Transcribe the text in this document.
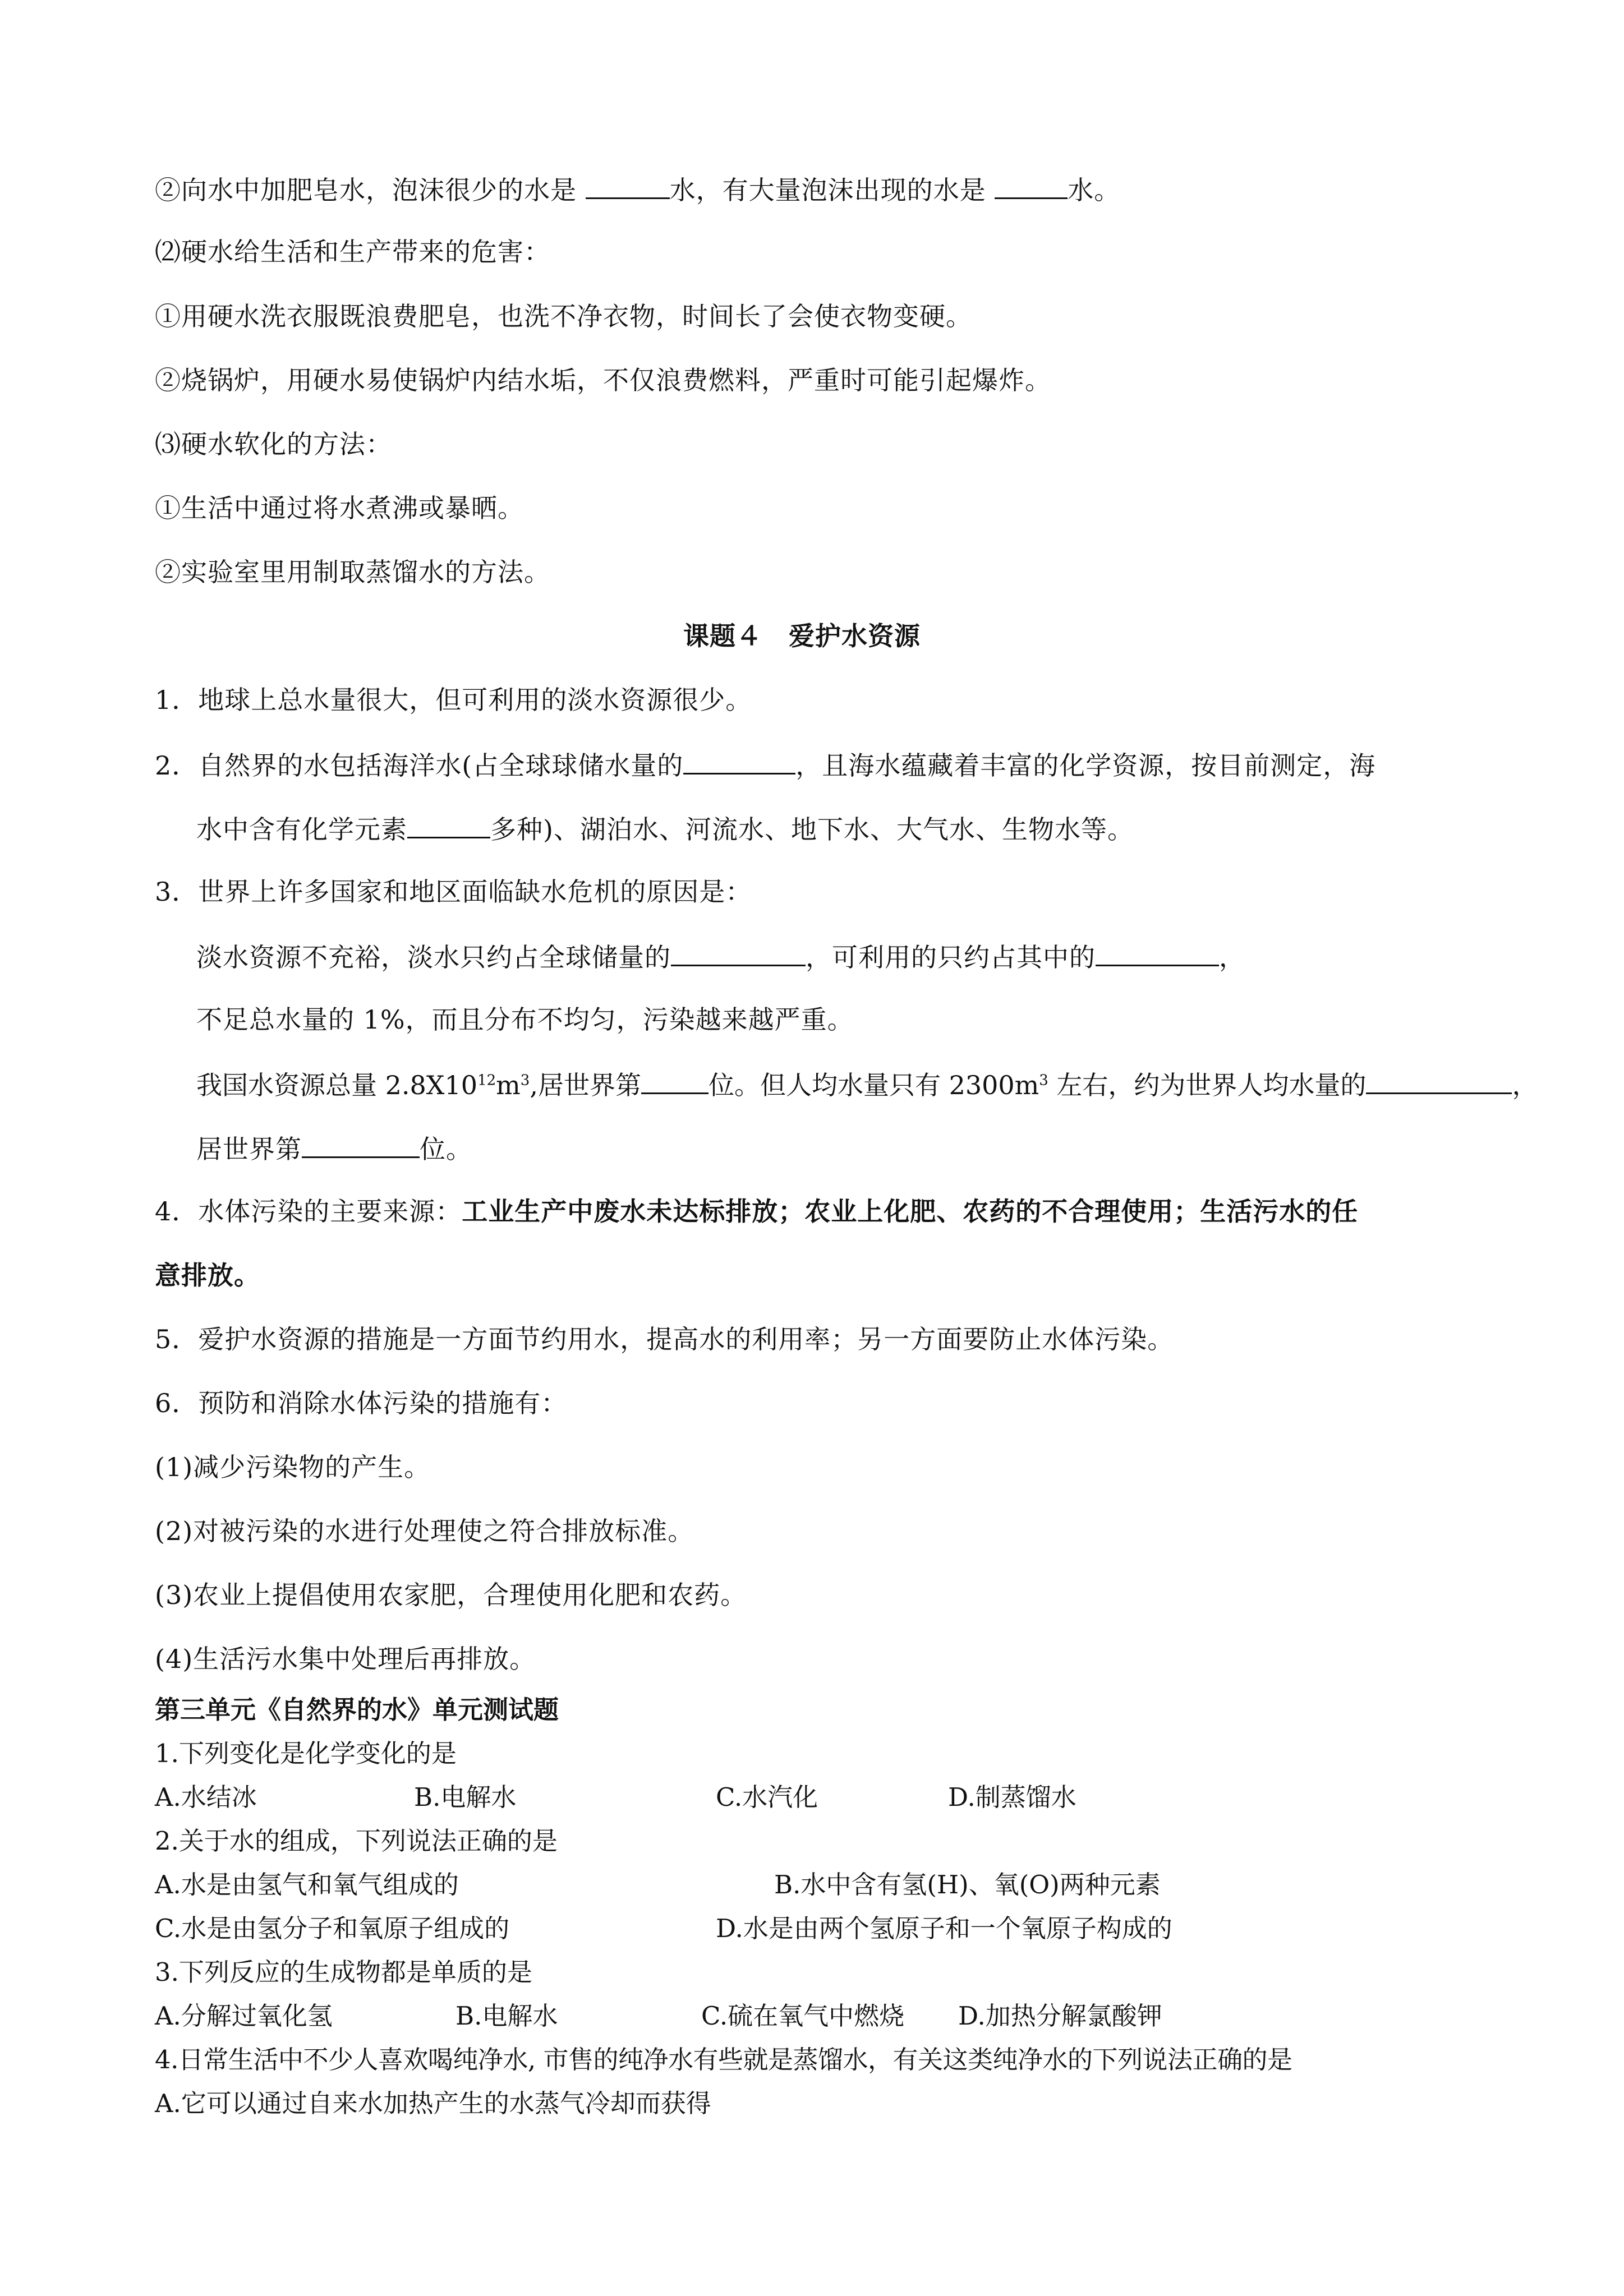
②向水中加肥皂水，泡沫很少的水是	水，有大量泡沫出现的水是	水。
⑵硬水给生活和生产带来的危害：
①用硬水洗衣服既浪费肥皂，也洗不净衣物，时间长了会使衣物变硬。
②烧锅炉，用硬水易使锅炉内结水垢，不仅浪费燃料，严重时可能引起爆炸。
⑶硬水软化的方法：
①生活中通过将水煮沸或暴晒。
②实验室里用制取蒸馏水的方法。
课题４　爱护水资源
1．地球上总水量很大，但可利用的淡水资源很少。
2．自然界的水包括海洋水(占全球球储水量的	，且海水蕴藏着丰富的化学资源，按目前测定，海
水中含有化学元素	多种)、湖泊水、河流水、地下水、大气水、生物水等。
3．世界上许多国家和地区面临缺水危机的原因是：
淡水资源不充裕，淡水只约占全球储量的	，可利用的只约占其中的	，
不足总水量的 1%，而且分布不均匀，污染越来越严重。
我国水资源总量 $2.8X10^{12}m^3$,居世界第	位。但人均水量只有 $2300m^3$ 左右，约为世界人均水量的	，
居世界第	位。
4．水体污染的主要来源：工业生产中废水未达标排放；农业上化肥、农药的不合理使用；生活污水的任
意排放。
5．爱护水资源的措施是一方面节约用水，提高水的利用率；另一方面要防止水体污染。
6．预防和消除水体污染的措施有：
(1)减少污染物的产生。
(2)对被污染的水进行处理使之符合排放标准。
(3)农业上提倡使用农家肥，合理使用化肥和农药。
(4)生活污水集中处理后再排放。
第三单元《自然界的水》单元测试题
1.下列变化是化学变化的是
A.水结冰	B.电解水	C.水汽化	D.制蒸馏水
2.关于水的组成，下列说法正确的是
A.水是由氢气和氧气组成的	B.水中含有氢(H)、氧(O)两种元素
C.水是由氢分子和氧原子组成的	D.水是由两个氢原子和一个氧原子构成的
3.下列反应的生成物都是单质的是
A.分解过氧化氢	B.电解水	C.硫在氧气中燃烧 D.加热分解氯酸钾
4.日常生活中不少人喜欢喝纯净水, 市售的纯净水有些就是蒸馏水，有关这类纯净水的下列说法正确的是
A.它可以通过自来水加热产生的水蒸气冷却而获得
